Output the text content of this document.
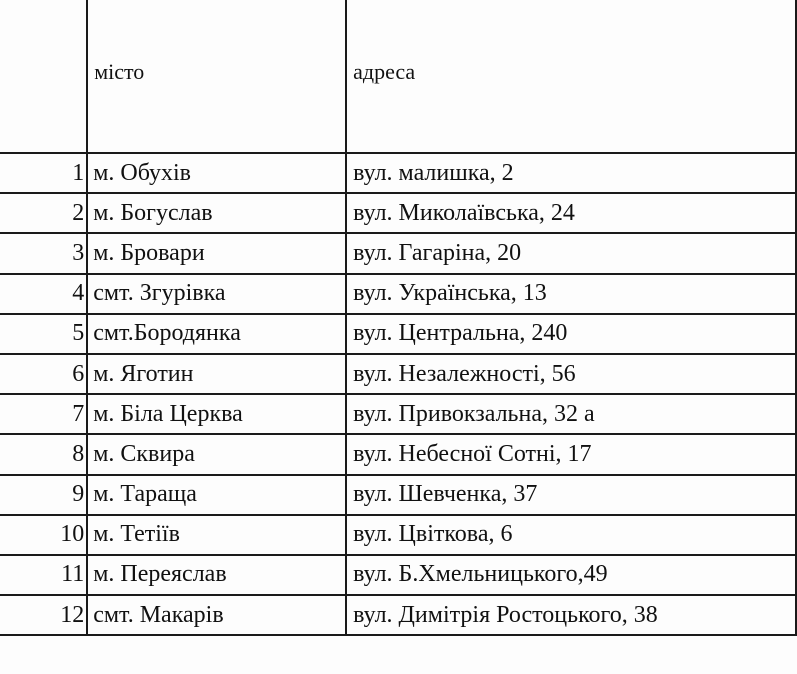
	місто	адреса
1	м. Обухів	вул. малишка, 2
2	м. Богуслав	вул. Миколаївська, 24
3	м. Бровари	вул. Гагаріна, 20
4	смт. Згурівка	вул. Українська, 13
5	смт.Бородянка	вул. Центральна, 240
6	м. Яготин	вул. Незалежності, 56
7	м. Біла Церква	вул. Привокзальна, 32 а
8	м. Сквира	вул. Небесної Сотні, 17
9	м. Тараща	вул. Шевченка, 37
10	м. Тетіїв	вул. Цвіткова, 6
11	м. Переяслав	вул. Б.Хмельницького,49
12	смт. Макарів	вул. Димітрія Ростоцького, 38
